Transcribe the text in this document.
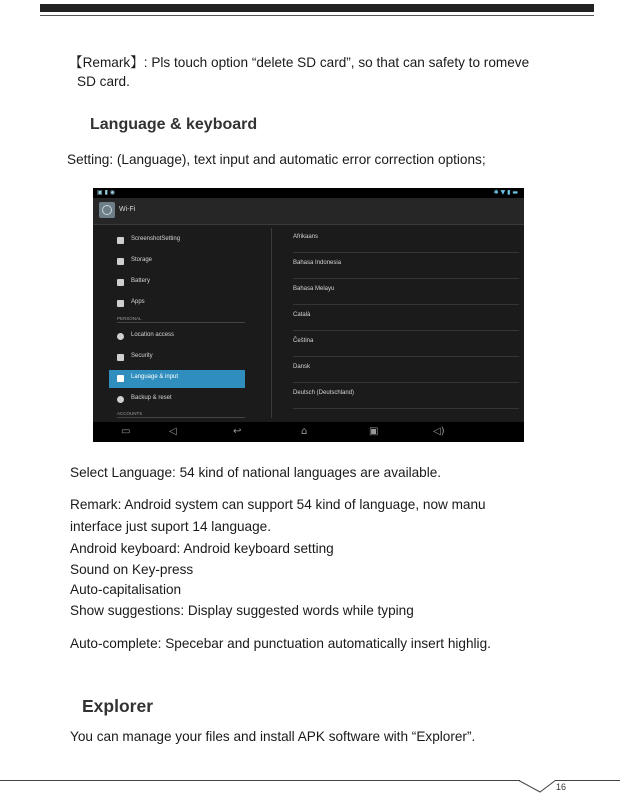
【Remark】: Pls touch option “delete SD card”, so that can safety to romeve

SD card.

Language & keyboard

Setting: (Language), text input and automatic error correction options;

▣ ▮ ◉	✱ ▼ ▮ ▬
Wi-Fi
ScreenshotSetting
Storage
Battery
Apps
PERSONAL
Location access
Security
Language & input
Backup & reset
ACCOUNTS
Afrikaans
Bahasa Indonesia
Bahasa Melayu
Català
Čeština
Dansk
Deutsch (Deutschland)
▭	◁	↩	⌂	▣	◁)

Select Language: 54 kind of national languages are available.

Remark: Android system can support 54 kind of language, now manu

interface just suport 14 language.

Android keyboard: Android keyboard setting

Sound on Key-press

Auto-capitalisation

Show suggestions: Display suggested words while typing

Auto-complete: Specebar and punctuation automatically insert highlig.

Explorer

You can manage your files and install APK software with “Explorer”.

16
